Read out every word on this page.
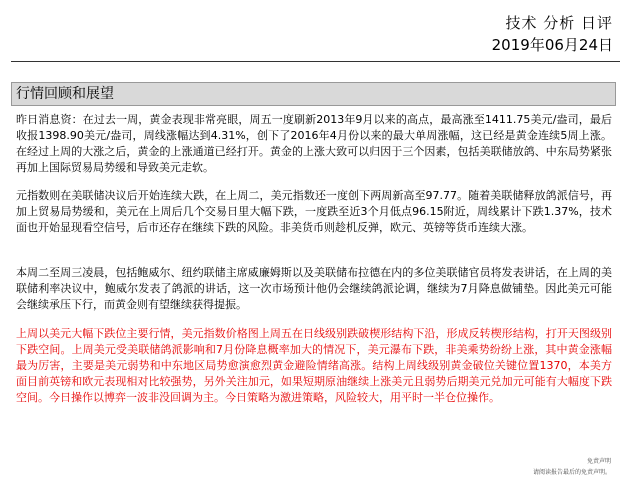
技术 分析 日评
2019年06月24日
行情回顾和展望

昨日消息资：在过去一周，黄金表现非常亮眼，周五一度刷新2013年9月以来的高点，最高涨至1411.75美元/盎司，最后收报1398.90美元/盎司，周线涨幅达到4.31%，创下了2016年4月份以来的最大单周涨幅，这已经是黄金连续5周上涨。在经过上周的大涨之后，黄金的上涨通道已经打开。黄金的上涨大致可以归因于三个因素，包括美联储放鸽、中东局势紧张再加上国际贸易局势缓和导致美元走软。

元指数则在美联储决议后开始连续大跌，在上周二，美元指数还一度创下两周新高至97.77。随着美联储释放鸽派信号，再加上贸易局势缓和，美元在上周后几个交易日里大幅下跌，一度跌至近3个月低点96.15附近，周线累计下跌1.37%，技术面也开始显现看空信号，后市还存在继续下跌的风险。非美货币则趁机反弹，欧元、英镑等货币连续大涨。

本周二至周三凌晨，包括鲍威尔、纽约联储主席威廉姆斯以及美联储布拉德在内的多位美联储官员将发表讲话，在上周的美联储利率决议中，鲍威尔发表了鸽派的讲话，这一次市场预计他仍会继续鸽派论调，继续为7月降息做铺垫。因此美元可能会继续承压下行，而黄金则有望继续获得提振。

上周以美元大幅下跌位主要行情，美元指数价格图上周五在日线级别跌破楔形结构下沿，形成反转楔形结构，打开天图级别下跌空间。上周美元受美联储鸽派影响和7月份降息概率加大的情况下，美元瀑布下跌，非美乘势纷纷上涨，其中黄金涨幅最为厉害，主要是美元弱势和中东地区局势愈演愈烈黄金避险情绪高涨。结构上周线级别黄金破位关键位置1370，本美方面目前英镑和欧元表现相对比较强势，另外关注加元，如果短期原油继续上涨美元且弱势后期美元兑加元可能有大幅度下跌空间。今日操作以博弈一波非没回调为主。今日策略为激进策略，风险较大，用平时一半仓位操作。

免责声明
请阅读报告最后的免责声明。
